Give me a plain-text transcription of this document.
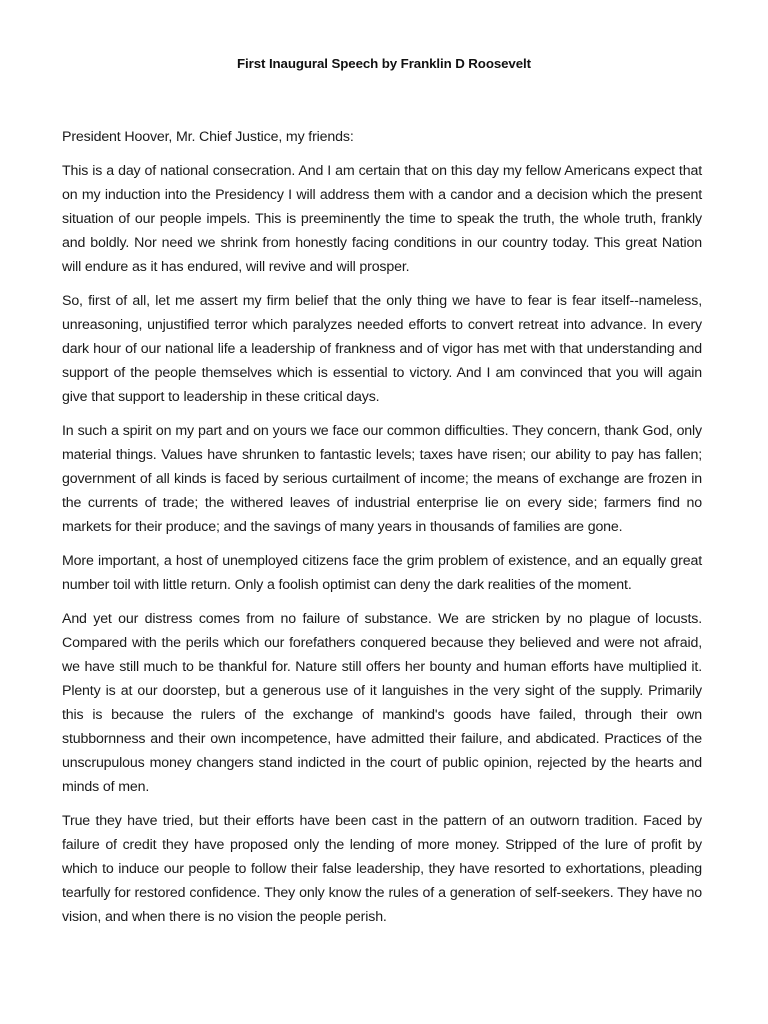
First Inaugural Speech by Franklin D Roosevelt

President Hoover, Mr. Chief Justice, my friends:

This is a day of national consecration. And I am certain that on this day my fellow Americans expect that on my induction into the Presidency I will address them with a candor and a decision which the present situation of our people impels. This is preeminently the time to speak the truth, the whole truth, frankly and boldly. Nor need we shrink from honestly facing conditions in our country today. This great Nation will endure as it has endured, will revive and will prosper.

So, first of all, let me assert my firm belief that the only thing we have to fear is fear itself--nameless, unreasoning, unjustified terror which paralyzes needed efforts to convert retreat into advance. In every dark hour of our national life a leadership of frankness and of vigor has met with that understanding and support of the people themselves which is essential to victory. And I am convinced that you will again give that support to leadership in these critical days.

In such a spirit on my part and on yours we face our common difficulties. They concern, thank God, only material things. Values have shrunken to fantastic levels; taxes have risen; our ability to pay has fallen; government of all kinds is faced by serious curtailment of income; the means of exchange are frozen in the currents of trade; the withered leaves of industrial enterprise lie on every side; farmers find no markets for their produce; and the savings of many years in thousands of families are gone.

More important, a host of unemployed citizens face the grim problem of existence, and an equally great number toil with little return. Only a foolish optimist can deny the dark realities of the moment.

And yet our distress comes from no failure of substance. We are stricken by no plague of locusts. Compared with the perils which our forefathers conquered because they believed and were not afraid, we have still much to be thankful for. Nature still offers her bounty and human efforts have multiplied it. Plenty is at our doorstep, but a generous use of it languishes in the very sight of the supply. Primarily this is because the rulers of the exchange of mankind's goods have failed, through their own stubbornness and their own incompetence, have admitted their failure, and abdicated. Practices of the unscrupulous money changers stand indicted in the court of public opinion, rejected by the hearts and minds of men.

True they have tried, but their efforts have been cast in the pattern of an outworn tradition. Faced by failure of credit they have proposed only the lending of more money. Stripped of the lure of profit by which to induce our people to follow their false leadership, they have resorted to exhortations, pleading tearfully for restored confidence. They only know the rules of a generation of self-seekers. They have no vision, and when there is no vision the people perish.
